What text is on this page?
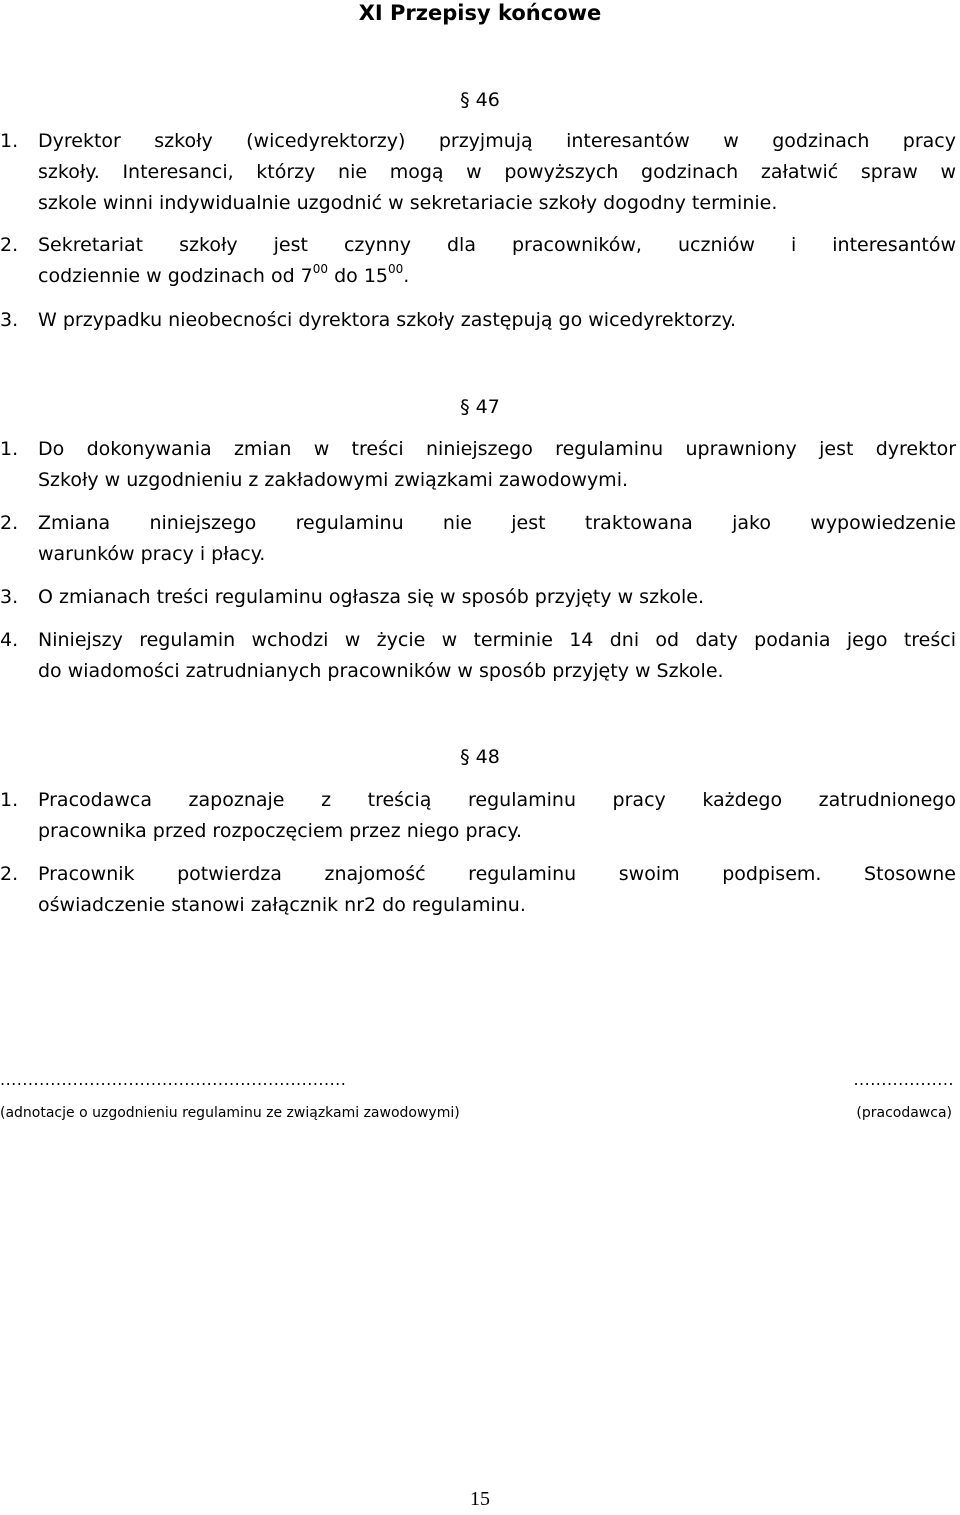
XI Przepisy końcowe
§ 46
1.	Dyrektor szkoły (wicedyrektorzy) przyjmują interesantów w godzinach pracy
szkoły. Interesanci, którzy nie mogą w powyższych godzinach załatwić spraw w
szkole winni indywidualnie uzgodnić w sekretariacie szkoły dogodny terminie.
2.	Sekretariat szkoły jest czynny dla pracowników, uczniów i interesantów
codziennie w godzinach od $7^{00}$ do $15^{00}$.
3.	W przypadku nieobecności dyrektora szkoły zastępują go wicedyrektorzy.
§ 47
1.	Do dokonywania zmian w treści niniejszego regulaminu uprawniony jest dyrektor
Szkoły w uzgodnieniu z zakładowymi związkami zawodowymi.
2.	Zmiana niniejszego regulaminu nie jest traktowana jako wypowiedzenie
warunków pracy i płacy.
3.	O zmianach treści regulaminu ogłasza się w sposób przyjęty w szkole.
4.	Niniejszy regulamin wchodzi w życie w terminie 14 dni od daty podania jego treści
do wiadomości zatrudnianych pracowników w sposób przyjęty w Szkole.
§ 48
1.	Pracodawca zapoznaje z treścią regulaminu pracy każdego zatrudnionego
pracownika przed rozpoczęciem przez niego pracy.
2.	Pracownik potwierdza znajomość regulaminu swoim podpisem. Stosowne
oświadczenie stanowi załącznik nr2 do regulaminu.
..............................................................
(adnotacje o uzgodnieniu regulaminu ze związkami zawodowymi)
..................
(pracodawca)
15
